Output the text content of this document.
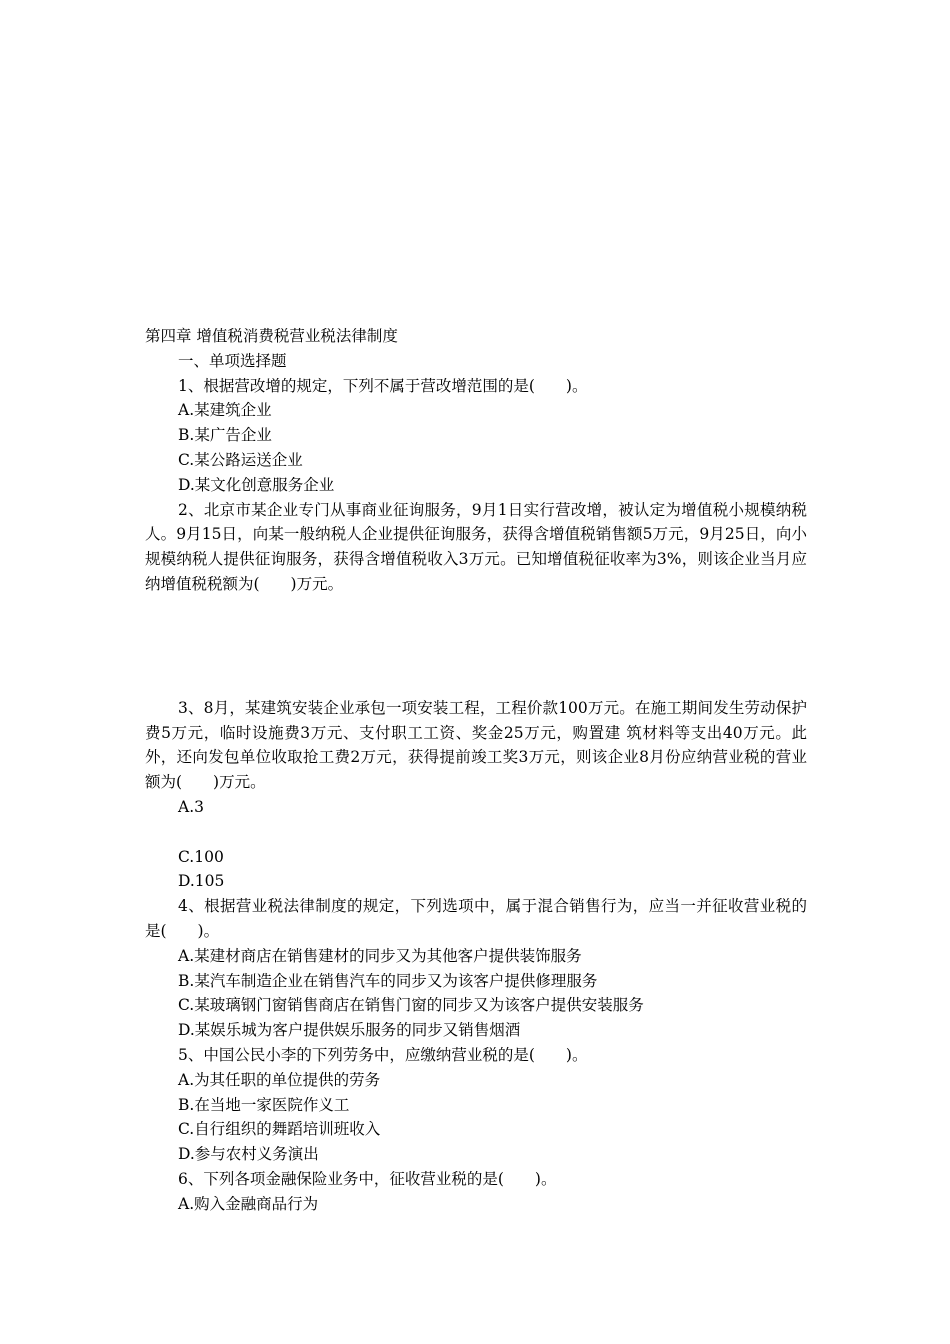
第四章 增值税消费税营业税法律制度

一、单项选择题

1、根据营改增的规定，下列不属于营改增范围的是(　　)。

A.某建筑企业

B.某广告企业

C.某公路运送企业

D.某文化创意服务企业

2、北京市某企业专门从事商业征询服务，9月1日实行营改增，被认定为增值税小规模纳税人。9月15日，向某一般纳税人企业提供征询服务，获得含增值税销售额5万元，9月25日，向小规模纳税人提供征询服务，获得含增值税收入3万元。已知增值税征收率为3%，则该企业当月应纳增值税税额为(　　)万元。

3、8月，某建筑安装企业承包一项安装工程，工程价款100万元。在施工期间发生劳动保护费5万元，临时设施费3万元、支付职工工资、奖金25万元，购置建 筑材料等支出40万元。此外，还向发包单位收取抢工费2万元，获得提前竣工奖3万元，则该企业8月份应纳营业税的营业额为(　　)万元。

A.3

C.100

D.105

4、根据营业税法律制度的规定，下列选项中，属于混合销售行为，应当一并征收营业税的是(　　)。

A.某建材商店在销售建材的同步又为其他客户提供装饰服务

B.某汽车制造企业在销售汽车的同步又为该客户提供修理服务

C.某玻璃钢门窗销售商店在销售门窗的同步又为该客户提供安装服务

D.某娱乐城为客户提供娱乐服务的同步又销售烟酒

5、中国公民小李的下列劳务中，应缴纳营业税的是(　　)。

A.为其任职的单位提供的劳务

B.在当地一家医院作义工

C.自行组织的舞蹈培训班收入

D.参与农村义务演出

6、下列各项金融保险业务中，征收营业税的是(　　)。

A.购入金融商品行为
